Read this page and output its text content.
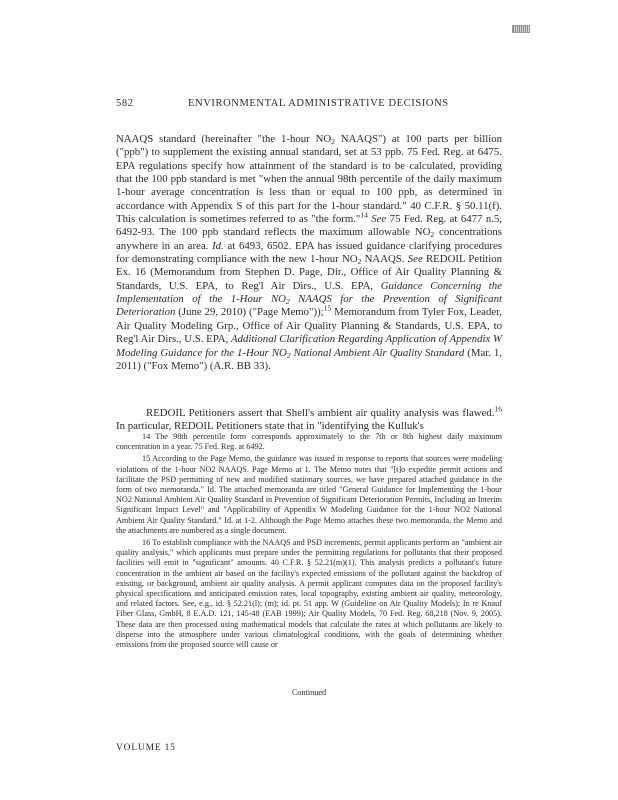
582	ENVIRONMENTAL ADMINISTRATIVE DECISIONS

NAAQS standard (hereinafter "the 1-hour $NO_2$ NAAQS") at 100 parts per billion ("ppb") to supplement the existing annual standard, set at 53 ppb. 75 Fed. Reg. at 6475. EPA regulations specify how attainment of the standard is to be calculated, providing that the 100 ppb standard is met "when the annual 98th percentile of the daily maximum 1-hour average concentration is less than or equal to 100 ppb, as determined in accordance with Appendix S of this part for the 1-hour standard." 40 C.F.R. § 50.11(f). This calculation is sometimes referred to as "the form."$^{14}$ See 75 Fed. Reg. at 6477 n.5, 6492-93. The 100 ppb standard reflects the maximum allowable $NO_2$ concentrations anywhere in an area. Id. at 6493, 6502. EPA has issued guidance clarifying procedures for demonstrating compliance with the new 1-hour $NO_2$ NAAQS. See REDOIL Petition Ex. 16 (Memorandum from Stephen D. Page, Dir., Office of Air Quality Planning & Standards, U.S. EPA, to Reg'l Air Dirs., U.S. EPA, Guidance Concerning the Implementation of the 1-Hour $NO_2$ NAAQS for the Prevention of Significant Deterioration (June 29, 2010) ("Page Memo"));$^{15}$ Memorandum from Tyler Fox, Leader, Air Quality Modeling Grp., Office of Air Quality Planning & Standards, U.S. EPA, to Reg'l Air Dirs., U.S. EPA, Additional Clarification Regarding Application of Appendix W Modeling Guidance for the 1-Hour $NO_2$ National Ambient Air Quality Standard (Mar. 1, 2011) ("Fox Memo") (A.R. BB 33).

REDOIL Petitioners assert that Shell's ambient air quality analysis was flawed.$^{16}$ In particular, REDOIL Petitioners state that in "identifying the Kulluk's

14 The 98th percentile form corresponds approximately to the 7th or 8th highest daily maximum concentration in a year. 75 Fed. Reg. at 6492.

15 According to the Page Memo, the guidance was issued in response to reports that sources were modeling violations of the 1-hour NO2 NAAQS. Page Memo at 1. The Memo notes that "[t]o expedite permit actions and facilitate the PSD permitting of new and modified stationary sources, we have prepared attached guidance in the form of two memoranda." Id. The attached memoranda are titled "General Guidance for Implementing the 1-hour NO2 National Ambient Air Quality Standard in Prevention of Significant Deterioration Permits, Including an Interim Significant Impact Level" and "Applicability of Appendix W Modeling Guidance for the 1-hour NO2 National Ambient Air Quality Standard." Id. at 1-2. Although the Page Memo attaches these two memoranda, the Memo and the attachments are numbered as a single document.

16 To establish compliance with the NAAQS and PSD increments, permit applicants perform an "ambient air quality analysis," which applicants must prepare under the permitting regulations for pollutants that their proposed facilities will emit in "significant" amounts. 40 C.F.R. § 52.21(m)(1). This analysis predicts a pollutant's future concentration in the ambient air based on the facility's expected emissions of the pollutant against the backdrop of existing, or background, ambient air quality analysis. A permit applicant computes data on the proposed facility's physical specifications and anticipated emission rates, local topography, existing ambient air quality, meteorology, and related factors. See, e.g., id. § 52.21(l); (m); id. pt. 51 app. W (Guideline on Air Quality Models); In re Knauf Fiber Glass, GmbH, 8 E.A.D. 121, 145-48 (EAB 1999); Air Quality Models, 70 Fed. Reg. 68,218 (Nov. 9, 2005). These data are then processed using mathematical models that calculate the rates at which pollutants are likely to disperse into the atmosphere under various climatological conditions, with the goals of determining whether emissions from the proposed source will cause or

Continued
VOLUME 15
